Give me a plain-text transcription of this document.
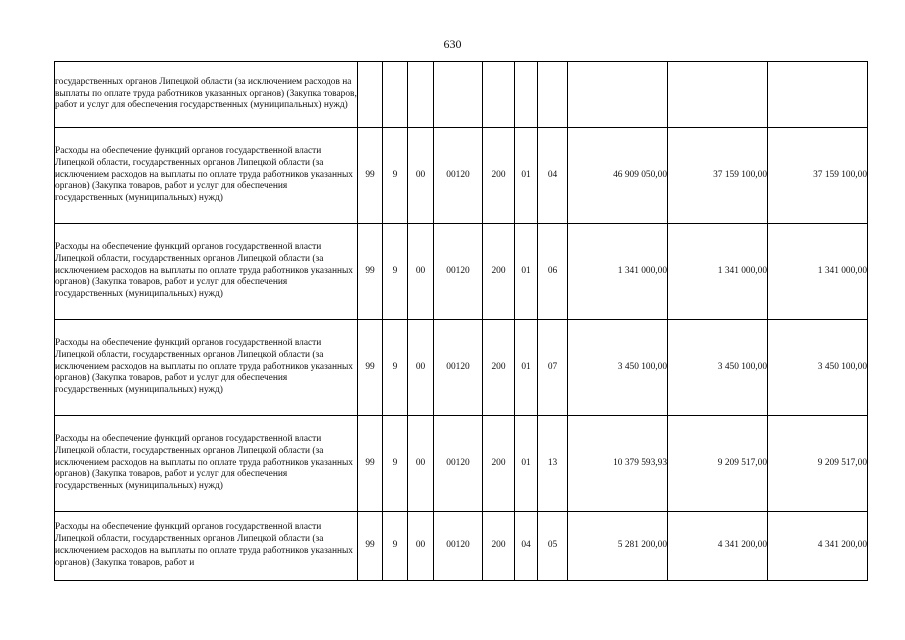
630
государственных органов Липецкой области (за исключением расходов на выплаты по оплате труда работников указанных органов) (Закупка товаров, работ и услуг для обеспечения государственных (муниципальных) нужд)										
Расходы на обеспечение функций органов государственной власти Липецкой области, государственных органов Липецкой области (за исключением расходов на выплаты по оплате труда работников указанных органов) (Закупка товаров, работ и услуг для обеспечения государственных (муниципальных) нужд)	99	9	00	00120	200	01	04	46 909 050,00	37 159 100,00	37 159 100,00
Расходы на обеспечение функций органов государственной власти Липецкой области, государственных органов Липецкой области (за исключением расходов на выплаты по оплате труда работников указанных органов) (Закупка товаров, работ и услуг для обеспечения государственных (муниципальных) нужд)	99	9	00	00120	200	01	06	1 341 000,00	1 341 000,00	1 341 000,00
Расходы на обеспечение функций органов государственной власти Липецкой области, государственных органов Липецкой области (за исключением расходов на выплаты по оплате труда работников указанных органов) (Закупка товаров, работ и услуг для обеспечения государственных (муниципальных) нужд)	99	9	00	00120	200	01	07	3 450 100,00	3 450 100,00	3 450 100,00
Расходы на обеспечение функций органов государственной власти Липецкой области, государственных органов Липецкой области (за исключением расходов на выплаты по оплате труда работников указанных органов) (Закупка товаров, работ и услуг для обеспечения государственных (муниципальных) нужд)	99	9	00	00120	200	01	13	10 379 593,93	9 209 517,00	9 209 517,00
Расходы на обеспечение функций органов государственной власти Липецкой области, государственных органов Липецкой области (за исключением расходов на выплаты по оплате труда работников указанных органов) (Закупка товаров, работ и	99	9	00	00120	200	04	05	5 281 200,00	4 341 200,00	4 341 200,00
